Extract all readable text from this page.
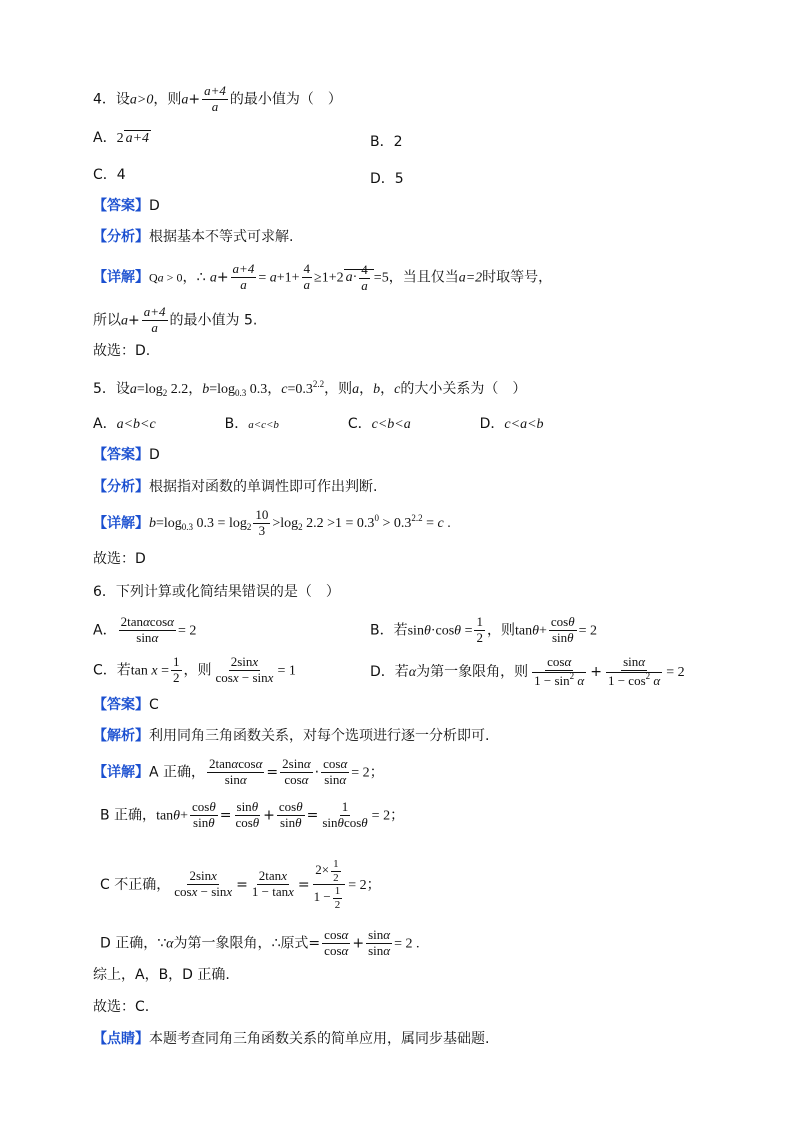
4．设a>0，则$a+ \frac{a+4}{a}$ 的最小值为（　）
A．2 a+4	B．2
C．4	D．5
【答案】D
【分析】根据基本不等式可求解.
【详解】Qa > 0，∴ $a+ \frac{a+4}{a} = a+1+ \frac{4}{a} \ge 1+2$ $a\cdot \frac{4}{a} =5$，当且仅当a=2时取等号，
所以$a+ \frac{a+4}{a}$ 的最小值为 5.
故选：D.
5．设$a=\log_2$ 2.2，$b=\log_{0.3}$ 0.3，$c=0.3^{2.2}$，则a，b，c的大小关系为（　）
A．a<b<c	B．a<c<b	C．c<b<a	D．c<a<b
【答案】D
【分析】根据指对函数的单调性即可作出判断.
【详解】$b=\log_{0.3}$ $0.3 = \log_2 \frac{10}{3} >\log_2$ $2.2 >1 = 0.3^0 > 0.3^{2.2} = c$ .
故选：D
6．下列计算或化简结果错误的是（　）
A． $\frac{2\tan\alpha\cos\alpha}{\sin\alpha} = 2$	B．若$\sin\theta\cdot\cos\theta = \frac{1}{2}$ ，则$\tan\theta+ \frac{\cos\theta}{\sin\theta} = 2$
C．若$\tan x = \frac{1}{2}$ ，则 $\frac{2\sin x}{\cos x - \sin x} = 1$	D．若α为第一象限角，则 $\frac{\cos\alpha}{1 - \sin^2 \alpha} + \frac{\sin\alpha}{1 - \cos^2 \alpha} = 2$
【答案】C
【解析】利用同角三角函数关系，对每个选项进行逐一分析即可.
【详解】A 正确， $\frac{2\tan\alpha\cos\alpha}{\sin\alpha} = \frac{2\sin\alpha}{\cos\alpha} \cdot \frac{\cos\alpha}{\sin\alpha} = 2$；
B 正确，$\tan\theta+ \frac{\cos\theta}{\sin\theta} = \frac{\sin\theta}{\cos\theta} + \frac{\cos\theta}{\sin\theta} = \frac{1}{\sin\theta\cos\theta} = 2$；
C 不正确， $\frac{2\sin x}{\cos x - \sin x} = \frac{2\tan x}{1 - \tan x} = \frac{2\times \frac{1}{2}}{1 - \frac{1}{2}} = 2$；
D 正确，∵α为第一象限角，∴原式= $\frac{\cos\alpha}{\cos\alpha} + \frac{\sin\alpha}{\sin\alpha} = 2$ .
综上，A，B，D 正确.
故选：C.
【点睛】本题考查同角三角函数关系的简单应用，属同步基础题.
